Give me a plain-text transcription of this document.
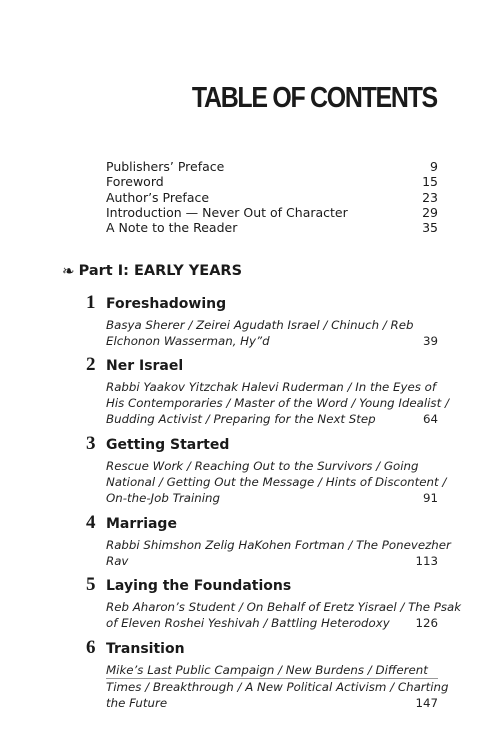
TABLE OF CONTENTS
Publishers’ Preface	9
Foreword	15
Author’s Preface	23
Introduction — Never Out of Character	29
A Note to the Reader	35
❧ Part I: EARLY YEARS
1 Foreshadowing
Basya Sherer / Zeirei Agudath Israel / Chinuch / Reb
Elchonon Wasserman, Hy”d	39
2 Ner Israel
Rabbi Yaakov Yitzchak Halevi Ruderman / In the Eyes of
His Contemporaries / Master of the Word / Young Idealist /
Budding Activist / Preparing for the Next Step	64
3 Getting Started
Rescue Work / Reaching Out to the Survivors / Going
National / Getting Out the Message / Hints of Discontent /
On-the-Job Training	91
4 Marriage
Rabbi Shimshon Zelig HaKohen Fortman / The Ponevezher
Rav	113
5 Laying the Foundations
Reb Aharon’s Student / On Behalf of Eretz Yisrael / The Psak
of Eleven Roshei Yeshivah / Battling Heterodoxy 126
6 Transition
Mike’s Last Public Campaign / New Burdens / Different
Times / Breakthrough / A New Political Activism / Charting
the Future	147
